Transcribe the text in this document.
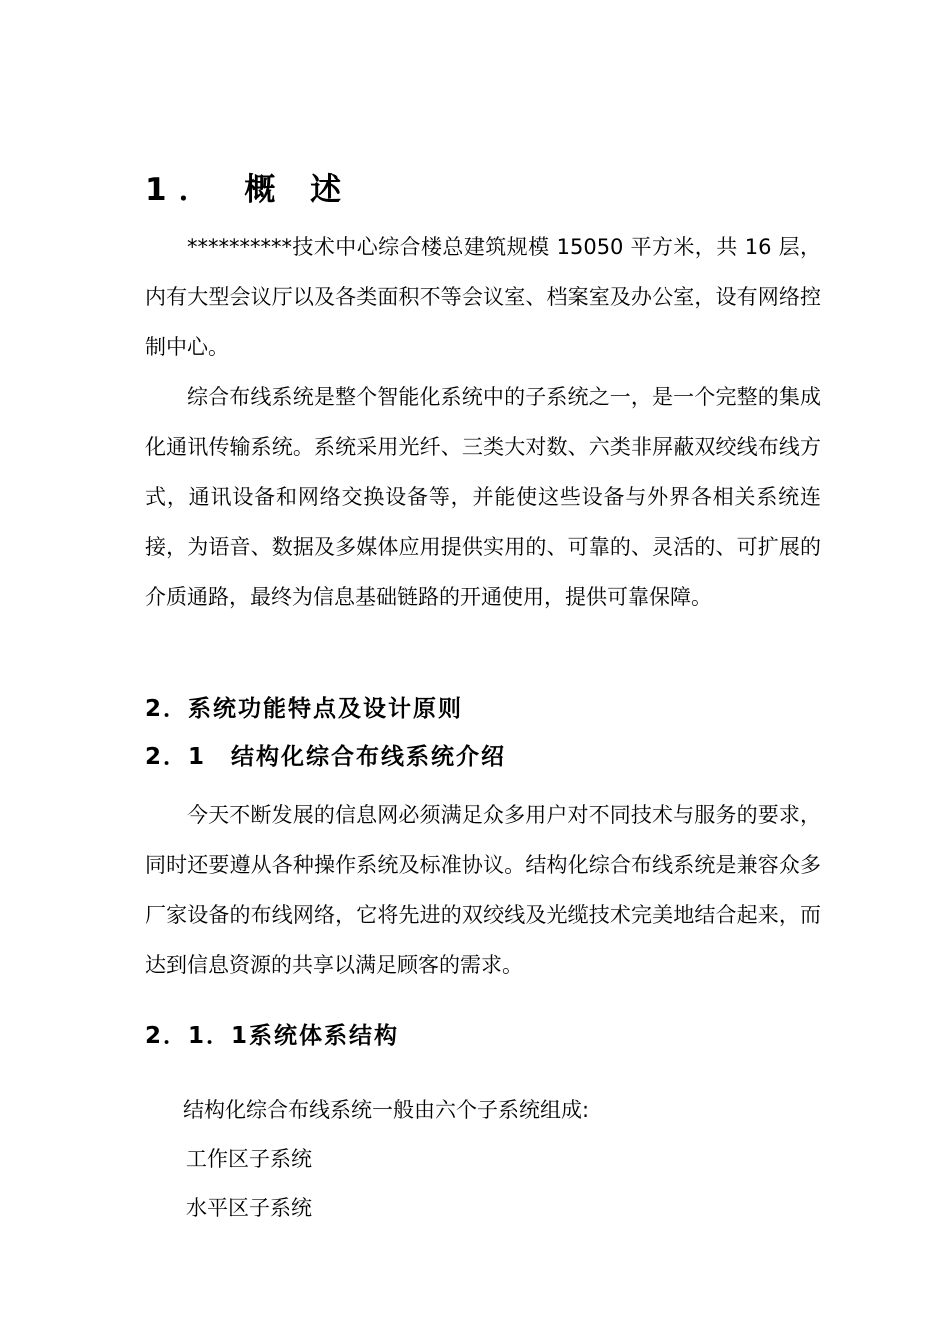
1． 概 述

**********技术中心综合楼总建筑规模 15050 平方米，共 16 层，内有大型会议厅以及各类面积不等会议室、档案室及办公室，设有网络控制中心。

综合布线系统是整个智能化系统中的子系统之一，是一个完整的集成化通讯传输系统。系统采用光纤、三类大对数、六类非屏蔽双绞线布线方式，通讯设备和网络交换设备等，并能使这些设备与外界各相关系统连接，为语音、数据及多媒体应用提供实用的、可靠的、灵活的、可扩展的介质通路，最终为信息基础链路的开通使用，提供可靠保障。

2．系统功能特点及设计原则
2．1　结构化综合布线系统介绍

今天不断发展的信息网必须满足众多用户对不同技术与服务的要求，同时还要遵从各种操作系统及标准协议。结构化综合布线系统是兼容众多厂家设备的布线网络，它将先进的双绞线及光缆技术完美地结合起来，而达到信息资源的共享以满足顾客的需求。

2．1．1系统体系结构
结构化综合布线系统一般由六个子系统组成:
工作区子系统
水平区子系统
